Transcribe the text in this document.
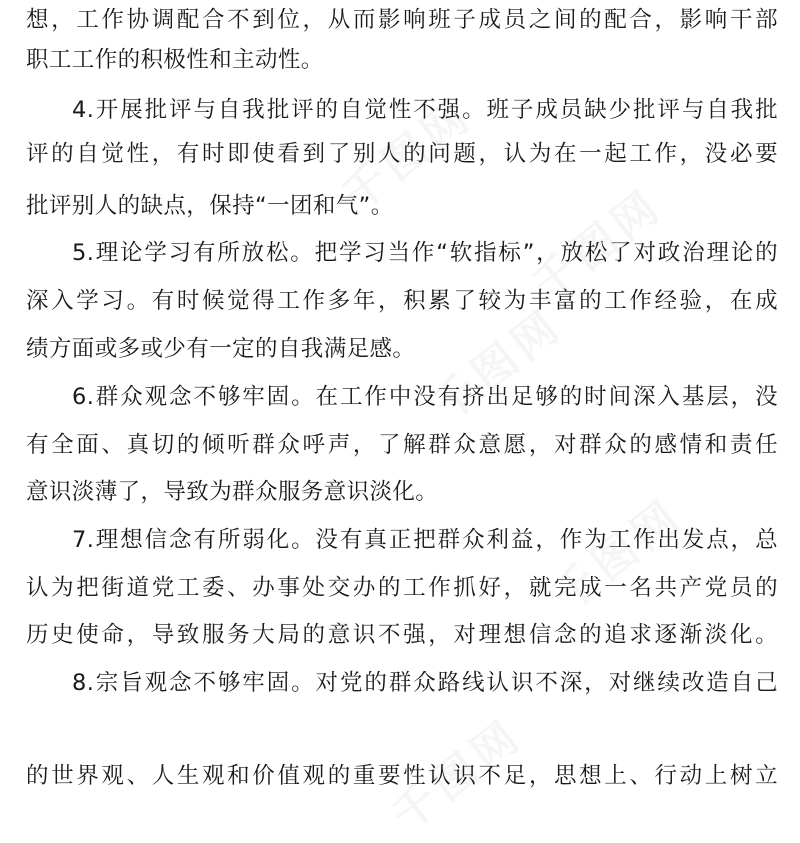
千图网
千图网
千图网
千图网
千图网
想，工作协调配合不到位，从而影响班子成员之间的配合，影响干部
职工工作的积极性和主动性。
4.开展批评与自我批评的自觉性不强。班子成员缺少批评与自我批
评的自觉性，有时即使看到了别人的问题，认为在一起工作，没必要
批评别人的缺点，保持“一团和气”。
5.理论学习有所放松。把学习当作“软指标”，放松了对政治理论的
深入学习。有时候觉得工作多年，积累了较为丰富的工作经验，在成
绩方面或多或少有一定的自我满足感。
6.群众观念不够牢固。在工作中没有挤出足够的时间深入基层，没
有全面、真切的倾听群众呼声，了解群众意愿，对群众的感情和责任
意识淡薄了，导致为群众服务意识淡化。
7.理想信念有所弱化。没有真正把群众利益，作为工作出发点，总
认为把街道党工委、办事处交办的工作抓好，就完成一名共产党员的
历史使命，导致服务大局的意识不强，对理想信念的追求逐渐淡化。
8.宗旨观念不够牢固。对党的群众路线认识不深，对继续改造自己
的世界观、人生观和价值观的重要性认识不足，思想上、行动上树立
